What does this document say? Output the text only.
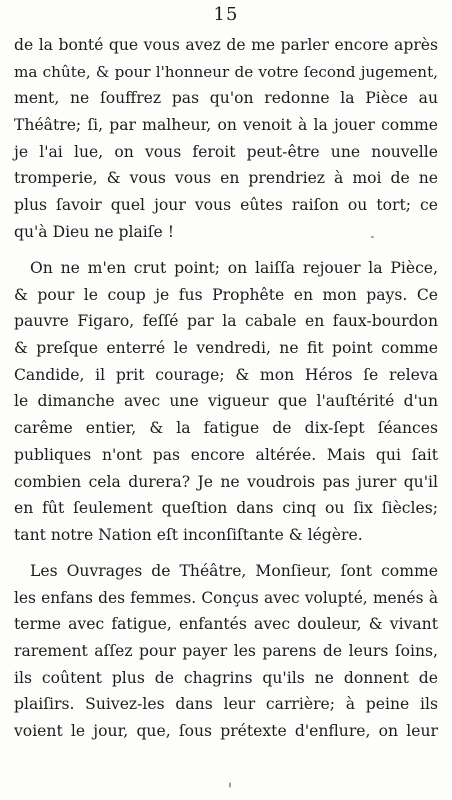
15
de la bonté que vous avez de me parler encore après
ma chûte, & pour l'honneur de votre ſecond jugement,
ment, ne ſouffrez pas qu'on redonne la Pièce au
Théâtre; ſi, par malheur, on venoit à la jouer comme
je l'ai lue, on vous feroit peut-être une nouvelle
tromperie, & vous vous en prendriez à moi de ne
plus ſavoir quel jour vous eûtes raiſon ou tort; ce
qu'à Dieu ne plaiſe !
On ne m'en crut point; on laiſſa rejouer la Pièce,
& pour le coup je fus Prophête en mon pays. Ce
pauvre Figaro, feſſé par la cabale en faux-bourdon
& preſque enterré le vendredi, ne fit point comme
Candide, il prit courage; & mon Héros ſe releva
le dimanche avec une vigueur que l'auſtérité d'un
carême entier, & la fatigue de dix-ſept ſéances
publiques n'ont pas encore altérée. Mais qui ſait
combien cela durera? Je ne voudrois pas jurer qu'il
en fût ſeulement queſtion dans cinq ou ſix ſiècles;
tant notre Nation eſt inconſiſtante & légère.
Les Ouvrages de Théâtre, Monſieur, ſont comme
les enfans des femmes. Conçus avec volupté, menés à
terme avec fatigue, enfantés avec douleur, & vivant
rarement aſſez pour payer les parens de leurs ſoins,
ils coûtent plus de chagrins qu'ils ne donnent de
plaiſirs. Suivez-les dans leur carrière; à peine ils
voient le jour, que, ſous prétexte d'enflure, on leur
